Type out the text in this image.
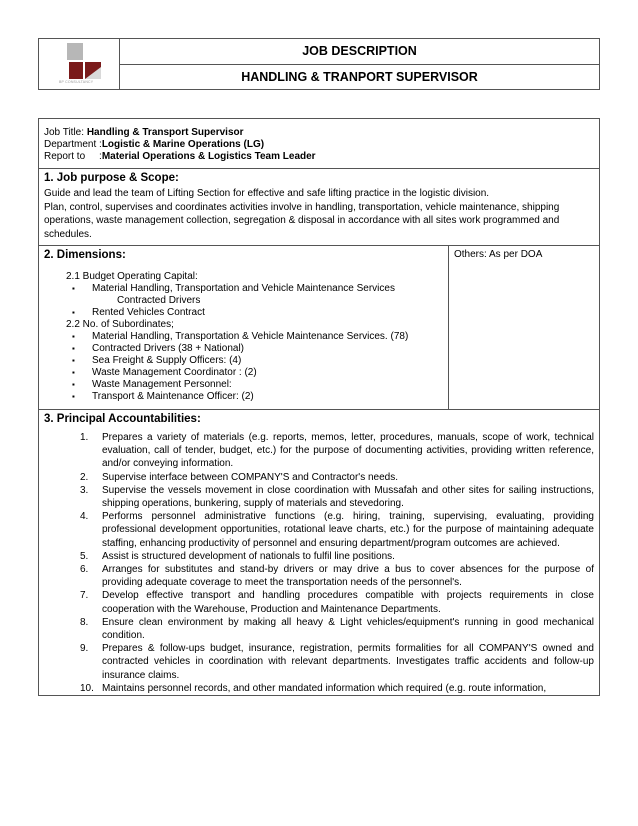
BP CONSULTANCY
JOB DESCRIPTION
HANDLING & TRANPORT SUPERVISOR
Job Title: Handling & Transport Supervisor
Department :Logistic & Marine Operations (LG)
Report to     :Material Operations & Logistics Team Leader
1. Job purpose & Scope:

Guide and lead the team of Lifting Section for effective and safe lifting practice in the logistic division.

Plan, control, supervises and coordinates activities involve in handling, transportation, vehicle maintenance, shipping operations, waste management collection, segregation & disposal in accordance with all sites work programmed and schedules.

2. Dimensions:
2.1 Budget Operating Capital:
▪ Material Handling, Transportation and Vehicle Maintenance Services
Contracted Drivers
▪ Rented Vehicles Contract
2.2 No. of Subordinates;
▪ Material Handling, Transportation & Vehicle Maintenance Services. (78)
▪ Contracted Drivers (38 + National)
▪ Sea Freight & Supply Officers: (4)
▪ Waste Management Coordinator : (2)
▪ Waste Management Personnel:
▪ Transport & Maintenance Officer: (2)
Others: As per DOA
3. Principal Accountabilities:
1. Prepares a variety of materials (e.g. reports, memos, letter, procedures, manuals, scope of work, technical evaluation, call of tender, budget, etc.) for the purpose of documenting activities, providing written reference, and/or conveying information.
2. Supervise interface between COMPANY'S and Contractor's needs.
3. Supervise the vessels movement in close coordination with Mussafah and other sites for sailing instructions, shipping operations, bunkering, supply of materials and stevedoring.
4. Performs personnel administrative functions (e.g. hiring, training, supervising, evaluating, providing professional development opportunities, rotational leave charts, etc.) for the purpose of maintaining adequate staffing, enhancing productivity of personnel and ensuring department/program outcomes are achieved.
5. Assist is structured development of nationals to fulfil line positions.
6. Arranges for substitutes and stand-by drivers or may drive a bus to cover absences for the purpose of providing adequate coverage to meet the transportation needs of the personnel's.
7. Develop effective transport and handling procedures compatible with projects requirements in close cooperation with the Warehouse, Production and Maintenance Departments.
8. Ensure clean environment by making all heavy & Light vehicles/equipment's running in good mechanical condition.
9. Prepares & follow-ups budget, insurance, registration, permits formalities for all COMPANY'S owned and contracted vehicles in coordination with relevant departments. Investigates traffic accidents and follow-up insurance claims.
10. Maintains personnel records, and other mandated information which required (e.g. route information,
